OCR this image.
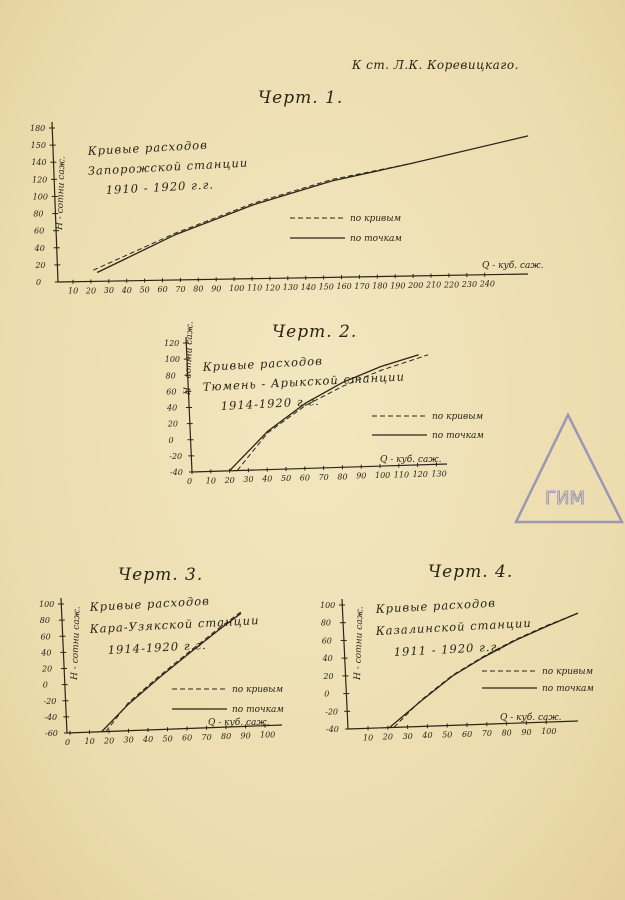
К ст. Л.К. Коревицкаго.
Черт. 1.
Черт. 2.
Черт. 3.	Черт. 4.
ГИМ
10 20 30 40 50 60 70 80 90 100 110 120 130 140 150 160 170 180 190 200 210 220 230 240
0
20
40
60
80
100
120
140
150
180
Q - куб. саж.
H - сотни саж.
Кривые расходов
Запорожской станции
1910 - 1920 г.г.
по кривым
по точкам
0 10 20 30 40 50 60 70 80 90 100 110 120 130
-40
-20
0
20
40
60
80
100
120
Q - куб. саж.
H - сотни саж. Кривые расходов
Тюмень - Арыкской станции
1914-1920 г.г.
по кривым
по точкам
0 10 20 30 40 50 60 70 80 90 100
-60
-40
-20
0
20
40
60
80
100
Q - куб. саж.
H - сотни саж.
Кривые расходов
Кара-Узякской станции
1914-1920 г.г.
по кривым
по точкам
10 20 30 40 50 60 70 80 90 100
-40
-20
0
20
40
60
80
100
Q - куб. саж.
H - сотни саж.
Кривые расходов
Казалинской станции
1911 - 1920 г.г.
по кривым
по точкам
